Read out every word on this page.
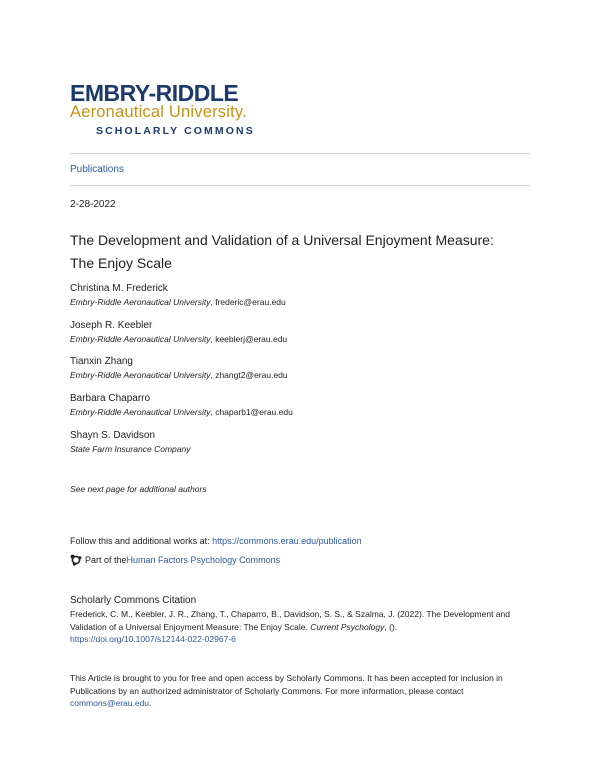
EMBRY-RIDDLE
Aeronautical University.
SCHOLARLY COMMONS
Publications
2-28-2022
The Development and Validation of a Universal Enjoyment Measure: The Enjoy Scale
Christina M. Frederick
Embry-Riddle Aeronautical University, frederic@erau.edu
Joseph R. Keebler
Embry-Riddle Aeronautical University, keeblerj@erau.edu
Tianxin Zhang
Embry-Riddle Aeronautical University, zhangt2@erau.edu
Barbara Chaparro
Embry-Riddle Aeronautical University, chaparb1@erau.edu
Shayn S. Davidson
State Farm Insurance Company
See next page for additional authors
Follow this and additional works at: https://commons.erau.edu/publication
Part of the Human Factors Psychology Commons
Scholarly Commons Citation
Frederick, C. M., Keebler, J. R., Zhang, T., Chaparro, B., Davidson, S. S., & Szalma, J. (2022). The Development and Validation of a Universal Enjoyment Measure: The Enjoy Scale. Current Psychology, ().
https://doi.org/10.1007/s12144-022-02967-6
This Article is brought to you for free and open access by Scholarly Commons. It has been accepted for inclusion in Publications by an authorized administrator of Scholarly Commons. For more information, please contact
commons@erau.edu.
